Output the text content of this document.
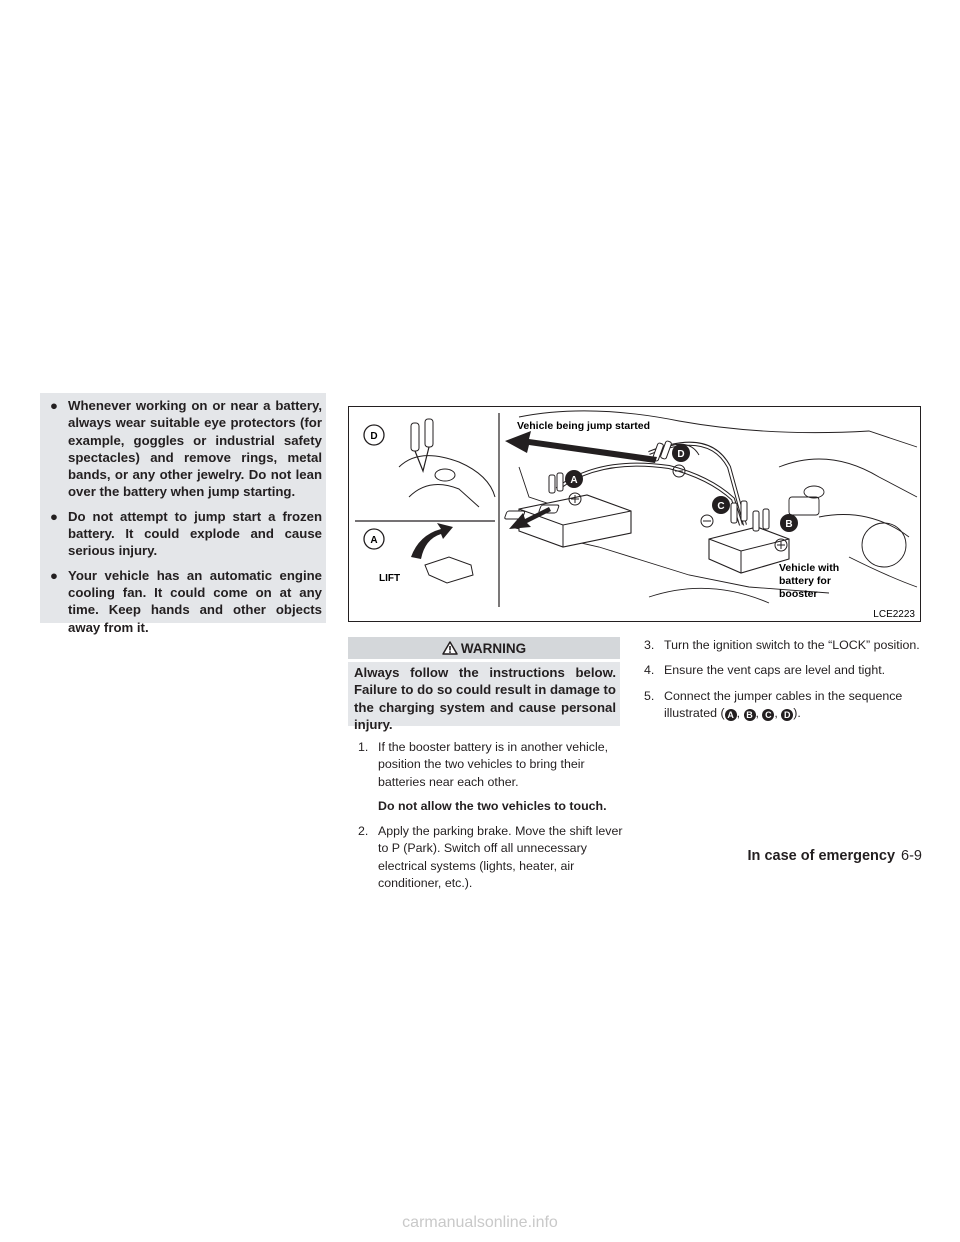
● Whenever working on or near a battery, always wear suitable eye protectors (for example, goggles or industrial safety spectacles) and remove rings, metal bands, or any other jewelry. Do not lean over the battery when jump starting.
● Do not attempt to jump start a frozen battery. It could explode and cause serious injury.
● Your vehicle has an automatic engine cooling fan. It could come on at any time. Keep hands and other objects away from it.
D
A
LIFT
A
B
C
D
Vehicle being jump started
Vehicle with
battery for
booster
LCE2223
WARNING
Always follow the instructions below. Failure to do so could result in damage to the charging system and cause personal injury.
1. If the booster battery is in another vehicle, position the two vehicles to bring their batteries near each other.
Do not allow the two vehicles to touch.
2. Apply the parking brake. Move the shift lever to P (Park). Switch off all unnecessary electrical systems (lights, heater, air conditioner, etc.).
3. Turn the ignition switch to the “LOCK” position.
4. Ensure the vent caps are level and tight.
5. Connect the jumper cables in the sequence illustrated ( A , B , C , D ).
In case of emergency 6-9
carmanualsonline.info
